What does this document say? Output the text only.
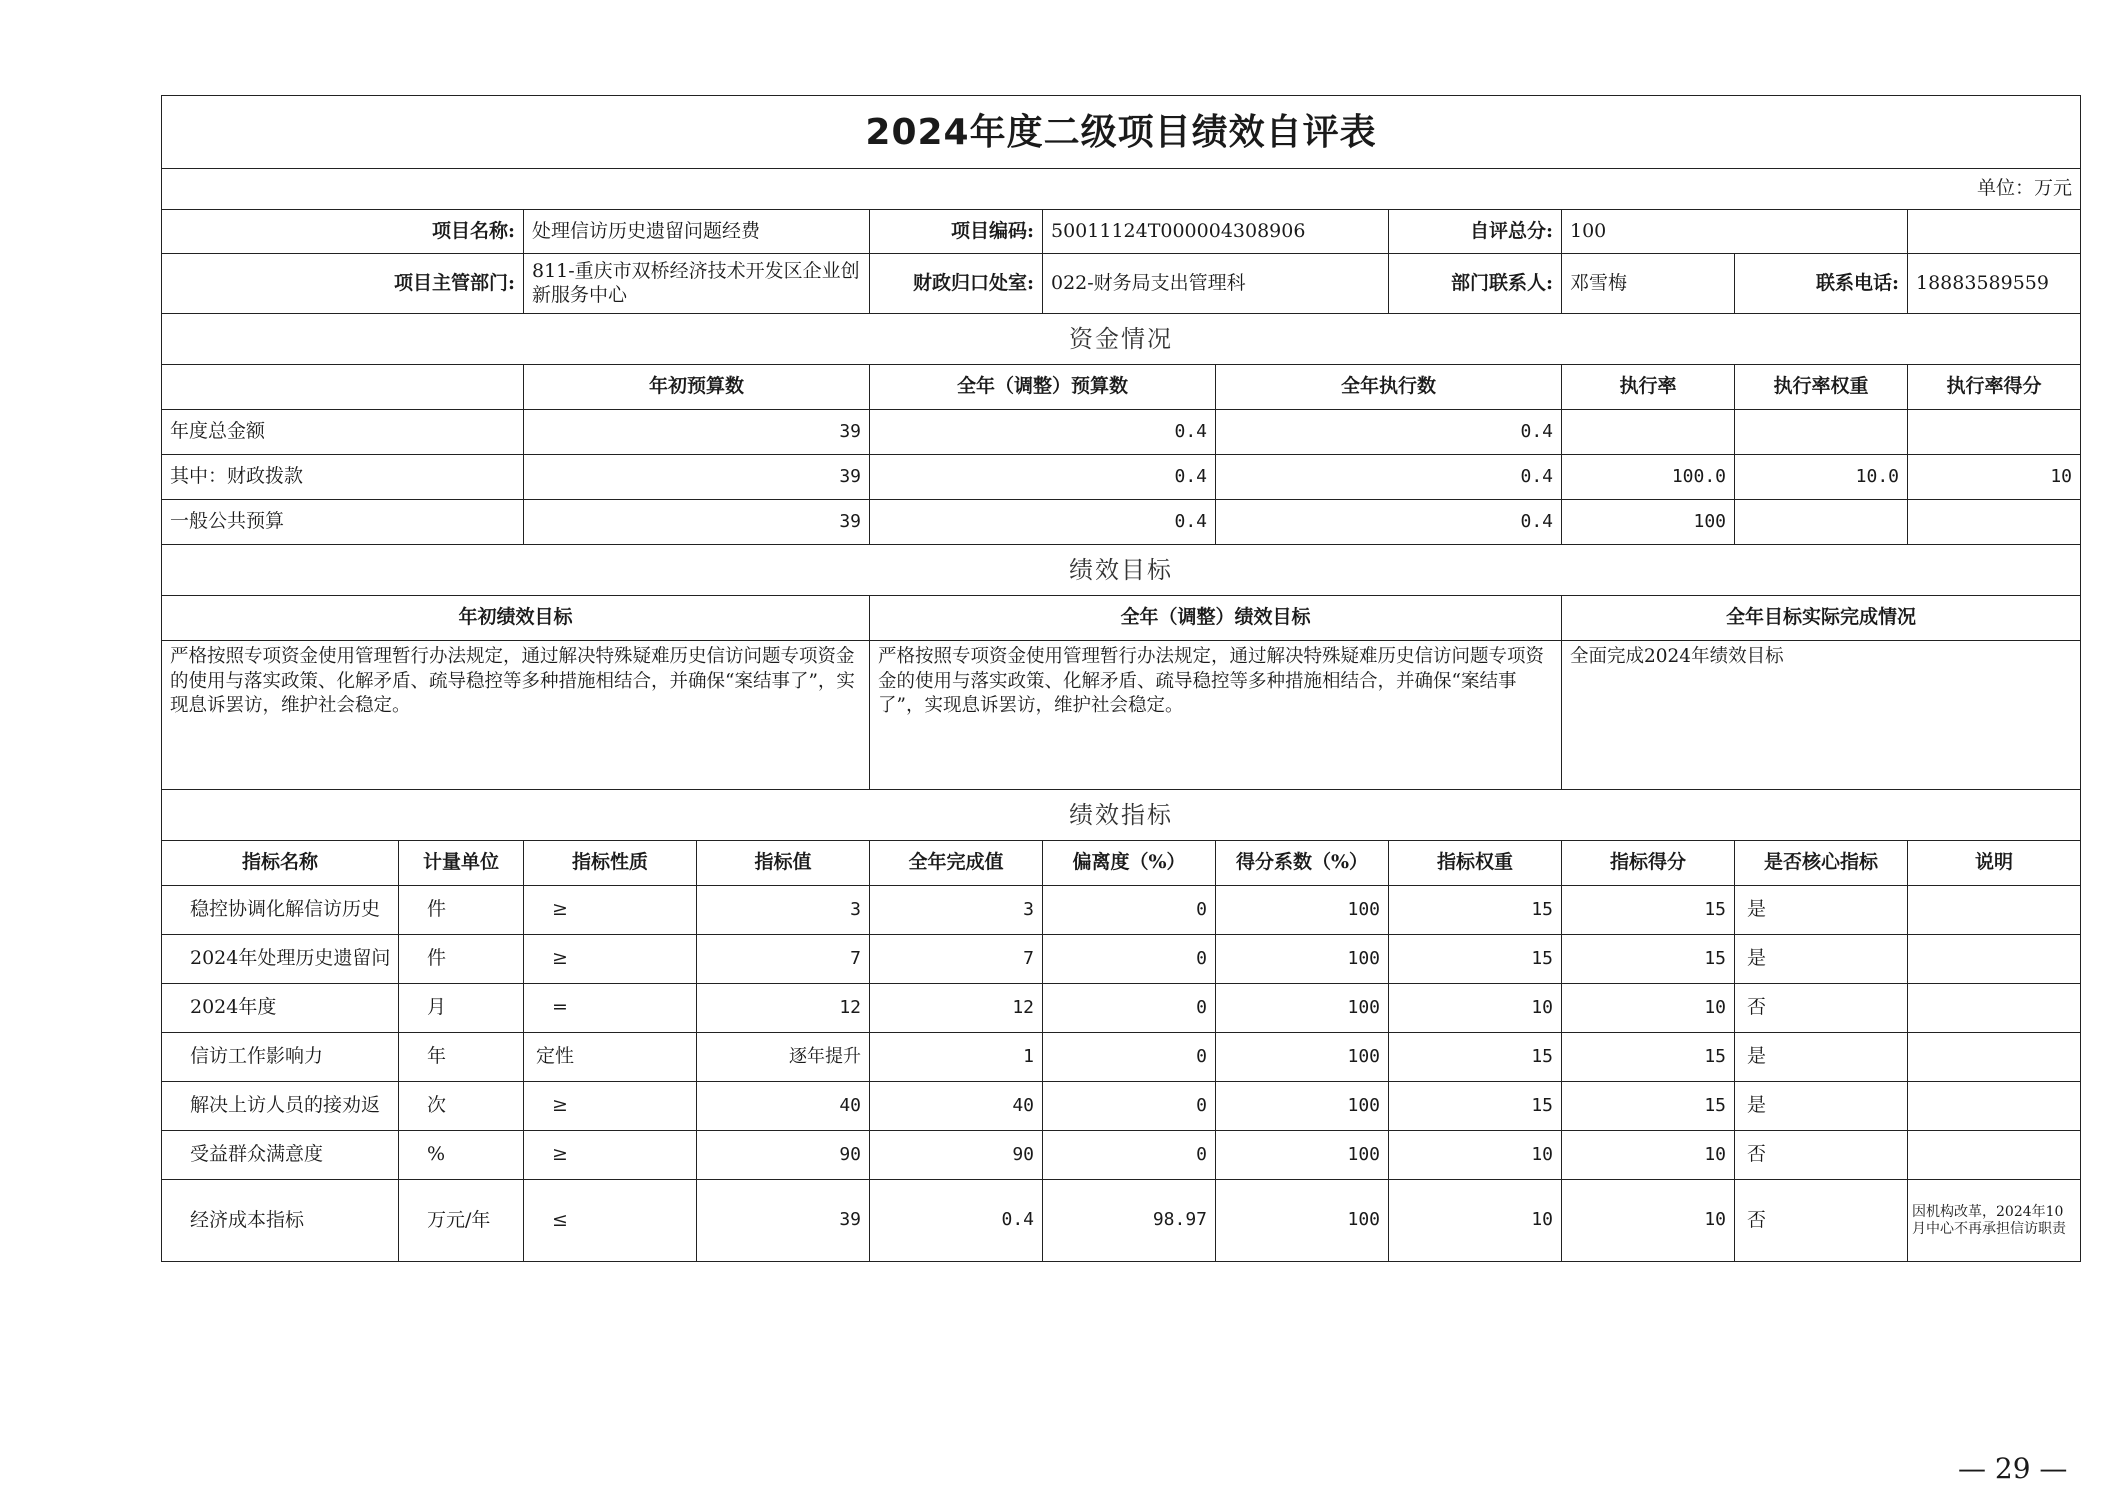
2024年度二级项目绩效自评表										
单位：万元										
项目名称:		处理信访历史遗留问题经费		项目编码:	50011124T000004308906		自评总分:	100		
项目主管部门:		811-重庆市双桥经济技术开发区企业创新服务中心		财政归口处室:	022-财务局支出管理科		部门联系人:	邓雪梅	联系电话:	18883589559
资金情况										
		年初预算数		全年（调整）预算数		全年执行数		执行率	执行率权重	执行率得分
年度总金额		39		0.4		0.4				
其中：财政拨款		39		0.4		0.4		100.0	10.0	10
一般公共预算		39		0.4		0.4		100		
绩效目标										
年初绩效目标				全年（调整）绩效目标				全年目标实际完成情况		
严格按照专项资金使用管理暂行办法规定，通过解决特殊疑难历史信访问题专项资金的使用与落实政策、化解矛盾、疏导稳控等多种措施相结合，并确保“案结事了”，实现息诉罢访，维护社会稳定。				严格按照专项资金使用管理暂行办法规定，通过解决特殊疑难历史信访问题专项资金的使用与落实政策、化解矛盾、疏导稳控等多种措施相结合，并确保“案结事了”，实现息诉罢访，维护社会稳定。				全面完成2024年绩效目标		
绩效指标										
指标名称	计量单位	指标性质	指标值	全年完成值	偏离度（%）	得分系数（%）	指标权重	指标得分	是否核心指标	说明
稳控协调化解信访历史	件	≥	3	3	0	100	15	15	是	
2024年处理历史遗留问	件	≥	7	7	0	100	15	15	是	
2024年度	月	=	12	12	0	100	10	10	否	
信访工作影响力	年	定性	逐年提升	1	0	100	15	15	是	
解决上访人员的接劝返	次	≥	40	40	0	100	15	15	是	
受益群众满意度	%	≥	90	90	0	100	10	10	否	
经济成本指标	万元/年	≤	39	0.4	98.97	100	10	10	否	因机构改革，2024年10月中心不再承担信访职责
— 29 —
